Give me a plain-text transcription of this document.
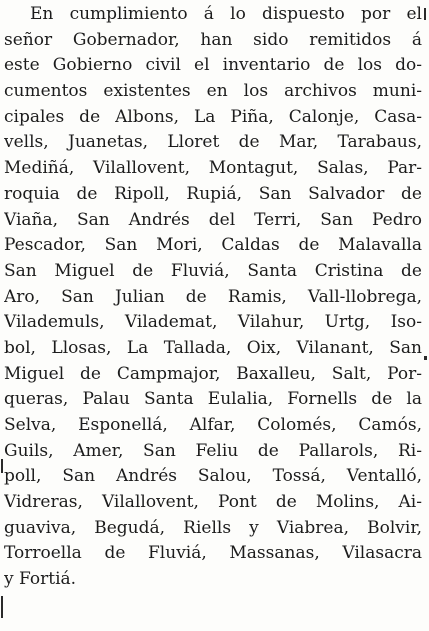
En cumplimiento á lo dispuesto por el
señor Gobernador, han sido remitidos á
este Gobierno civil el inventario de los do-
cumentos existentes en los archivos muni-
cipales de Albons, La Piña, Calonje, Casa-
vells, Juanetas, Lloret de Mar, Tarabaus,
Mediñá, Vilallovent, Montagut, Salas, Par-
roquia de Ripoll, Rupiá, San Salvador de
Viaña, San Andrés del Terri, San Pedro
Pescador, San Mori, Caldas de Malavalla
San Miguel de Fluviá, Santa Cristina de
Aro, San Julian de Ramis, Vall-llobrega,
Vilademuls, Vilademat, Vilahur, Urtg, Iso-
bol, Llosas, La Tallada, Oix, Vilanant, San
Miguel de Campmajor, Baxalleu, Salt, Por-
queras, Palau Santa Eulalia, Fornells de la
Selva, Esponellá, Alfar, Colomés, Camós,
Guils, Amer, San Feliu de Pallarols, Ri-
poll, San Andrés Salou, Tossá, Ventalló,
Vidreras, Vilallovent, Pont de Molins, Ai-
guaviva, Begudá, Riells y Viabrea, Bolvir,
Torroella de Fluviá, Massanas, Vilasacra
y Fortiá.
